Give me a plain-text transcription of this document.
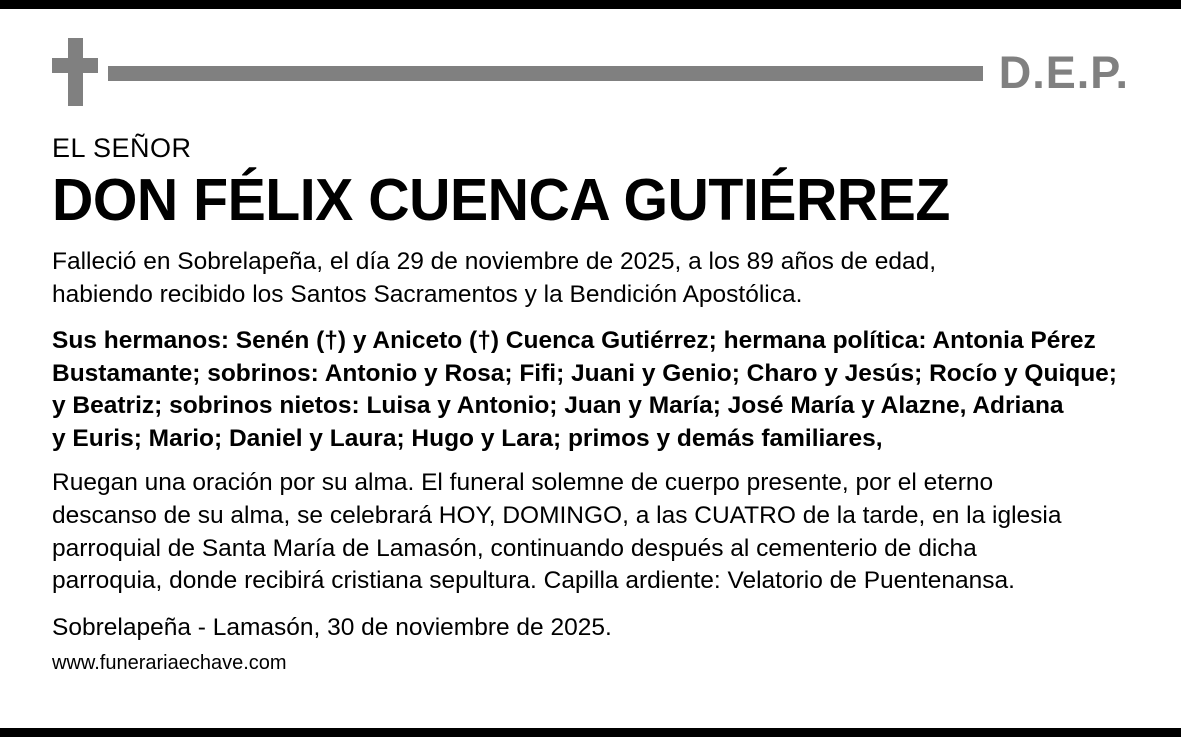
D.E.P.
EL SEÑOR
DON FÉLIX CUENCA GUTIÉRREZ
Falleció en Sobrelapeña, el día 29 de noviembre de 2025, a los 89 años de edad,
habiendo recibido los Santos Sacramentos y la Bendición Apostólica.
Sus hermanos: Senén (†) y Aniceto (†) Cuenca Gutiérrez; hermana política: Antonia Pérez
Bustamante; sobrinos: Antonio y Rosa; Fifi; Juani y Genio; Charo y Jesús; Rocío y Quique;
y Beatriz; sobrinos nietos: Luisa y Antonio; Juan y María; José María y Alazne, Adriana
y Euris; Mario; Daniel y Laura; Hugo y Lara; primos y demás familiares,
Ruegan una oración por su alma. El funeral solemne de cuerpo presente, por el eterno
descanso de su alma, se celebrará HOY, DOMINGO, a las CUATRO de la tarde, en la iglesia
parroquial de Santa María de Lamasón, continuando después al cementerio de dicha
parroquia, donde recibirá cristiana sepultura. Capilla ardiente: Velatorio de Puentenansa.
Sobrelapeña - Lamasón, 30 de noviembre de 2025.
www.funerariaechave.com
